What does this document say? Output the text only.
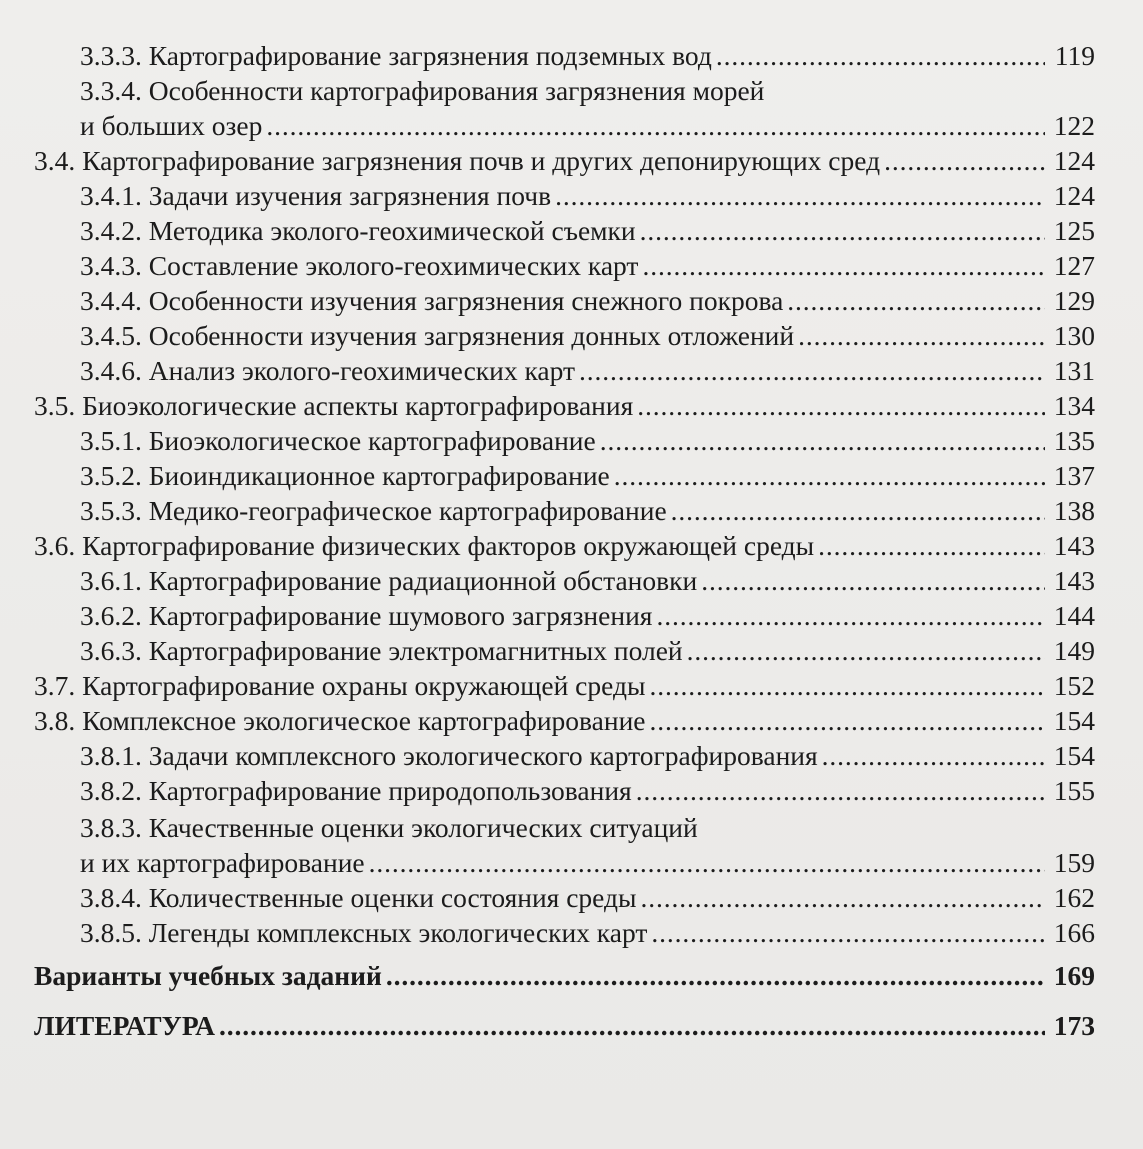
3.3.3. Картографирование загрязнения подземных вод . . .	119
3.3.4. Особенности картографирования загрязнения морей
и больших озер . . .	122
3.4. Картографирование загрязнения почв и других депонирующих сред . . .	124
3.4.1. Задачи изучения загрязнения почв . . .	124
3.4.2. Методика эколого-геохимической съемки . . .	125
3.4.3. Составление эколого-геохимических карт . . .	127
3.4.4. Особенности изучения загрязнения снежного покрова . . .	129
3.4.5. Особенности изучения загрязнения донных отложений . . .	130
3.4.6. Анализ эколого-геохимических карт . . .	131
3.5. Биоэкологические аспекты картографирования . . .	134
3.5.1. Биоэкологическое картографирование . . .	135
3.5.2. Биоиндикационное картографирование . . .	137
3.5.3. Медико-географическое картографирование . . .	138
3.6. Картографирование физических факторов окружающей среды . . .	143
3.6.1. Картографирование радиационной обстановки . . .	143
3.6.2. Картографирование шумового загрязнения . . .	144
3.6.3. Картографирование электромагнитных полей . . .	149
3.7. Картографирование охраны окружающей среды . . .	152
3.8. Комплексное экологическое картографирование . . .	154
3.8.1. Задачи комплексного экологического картографирования . . .	154
3.8.2. Картографирование природопользования . . .	155
3.8.3. Качественные оценки экологических ситуаций
и их картографирование . . .	159
3.8.4. Количественные оценки состояния среды . . .	162
3.8.5. Легенды комплексных экологических карт . . .	166
Варианты учебных заданий . . .	169
ЛИТЕРАТУРА . . .	173
